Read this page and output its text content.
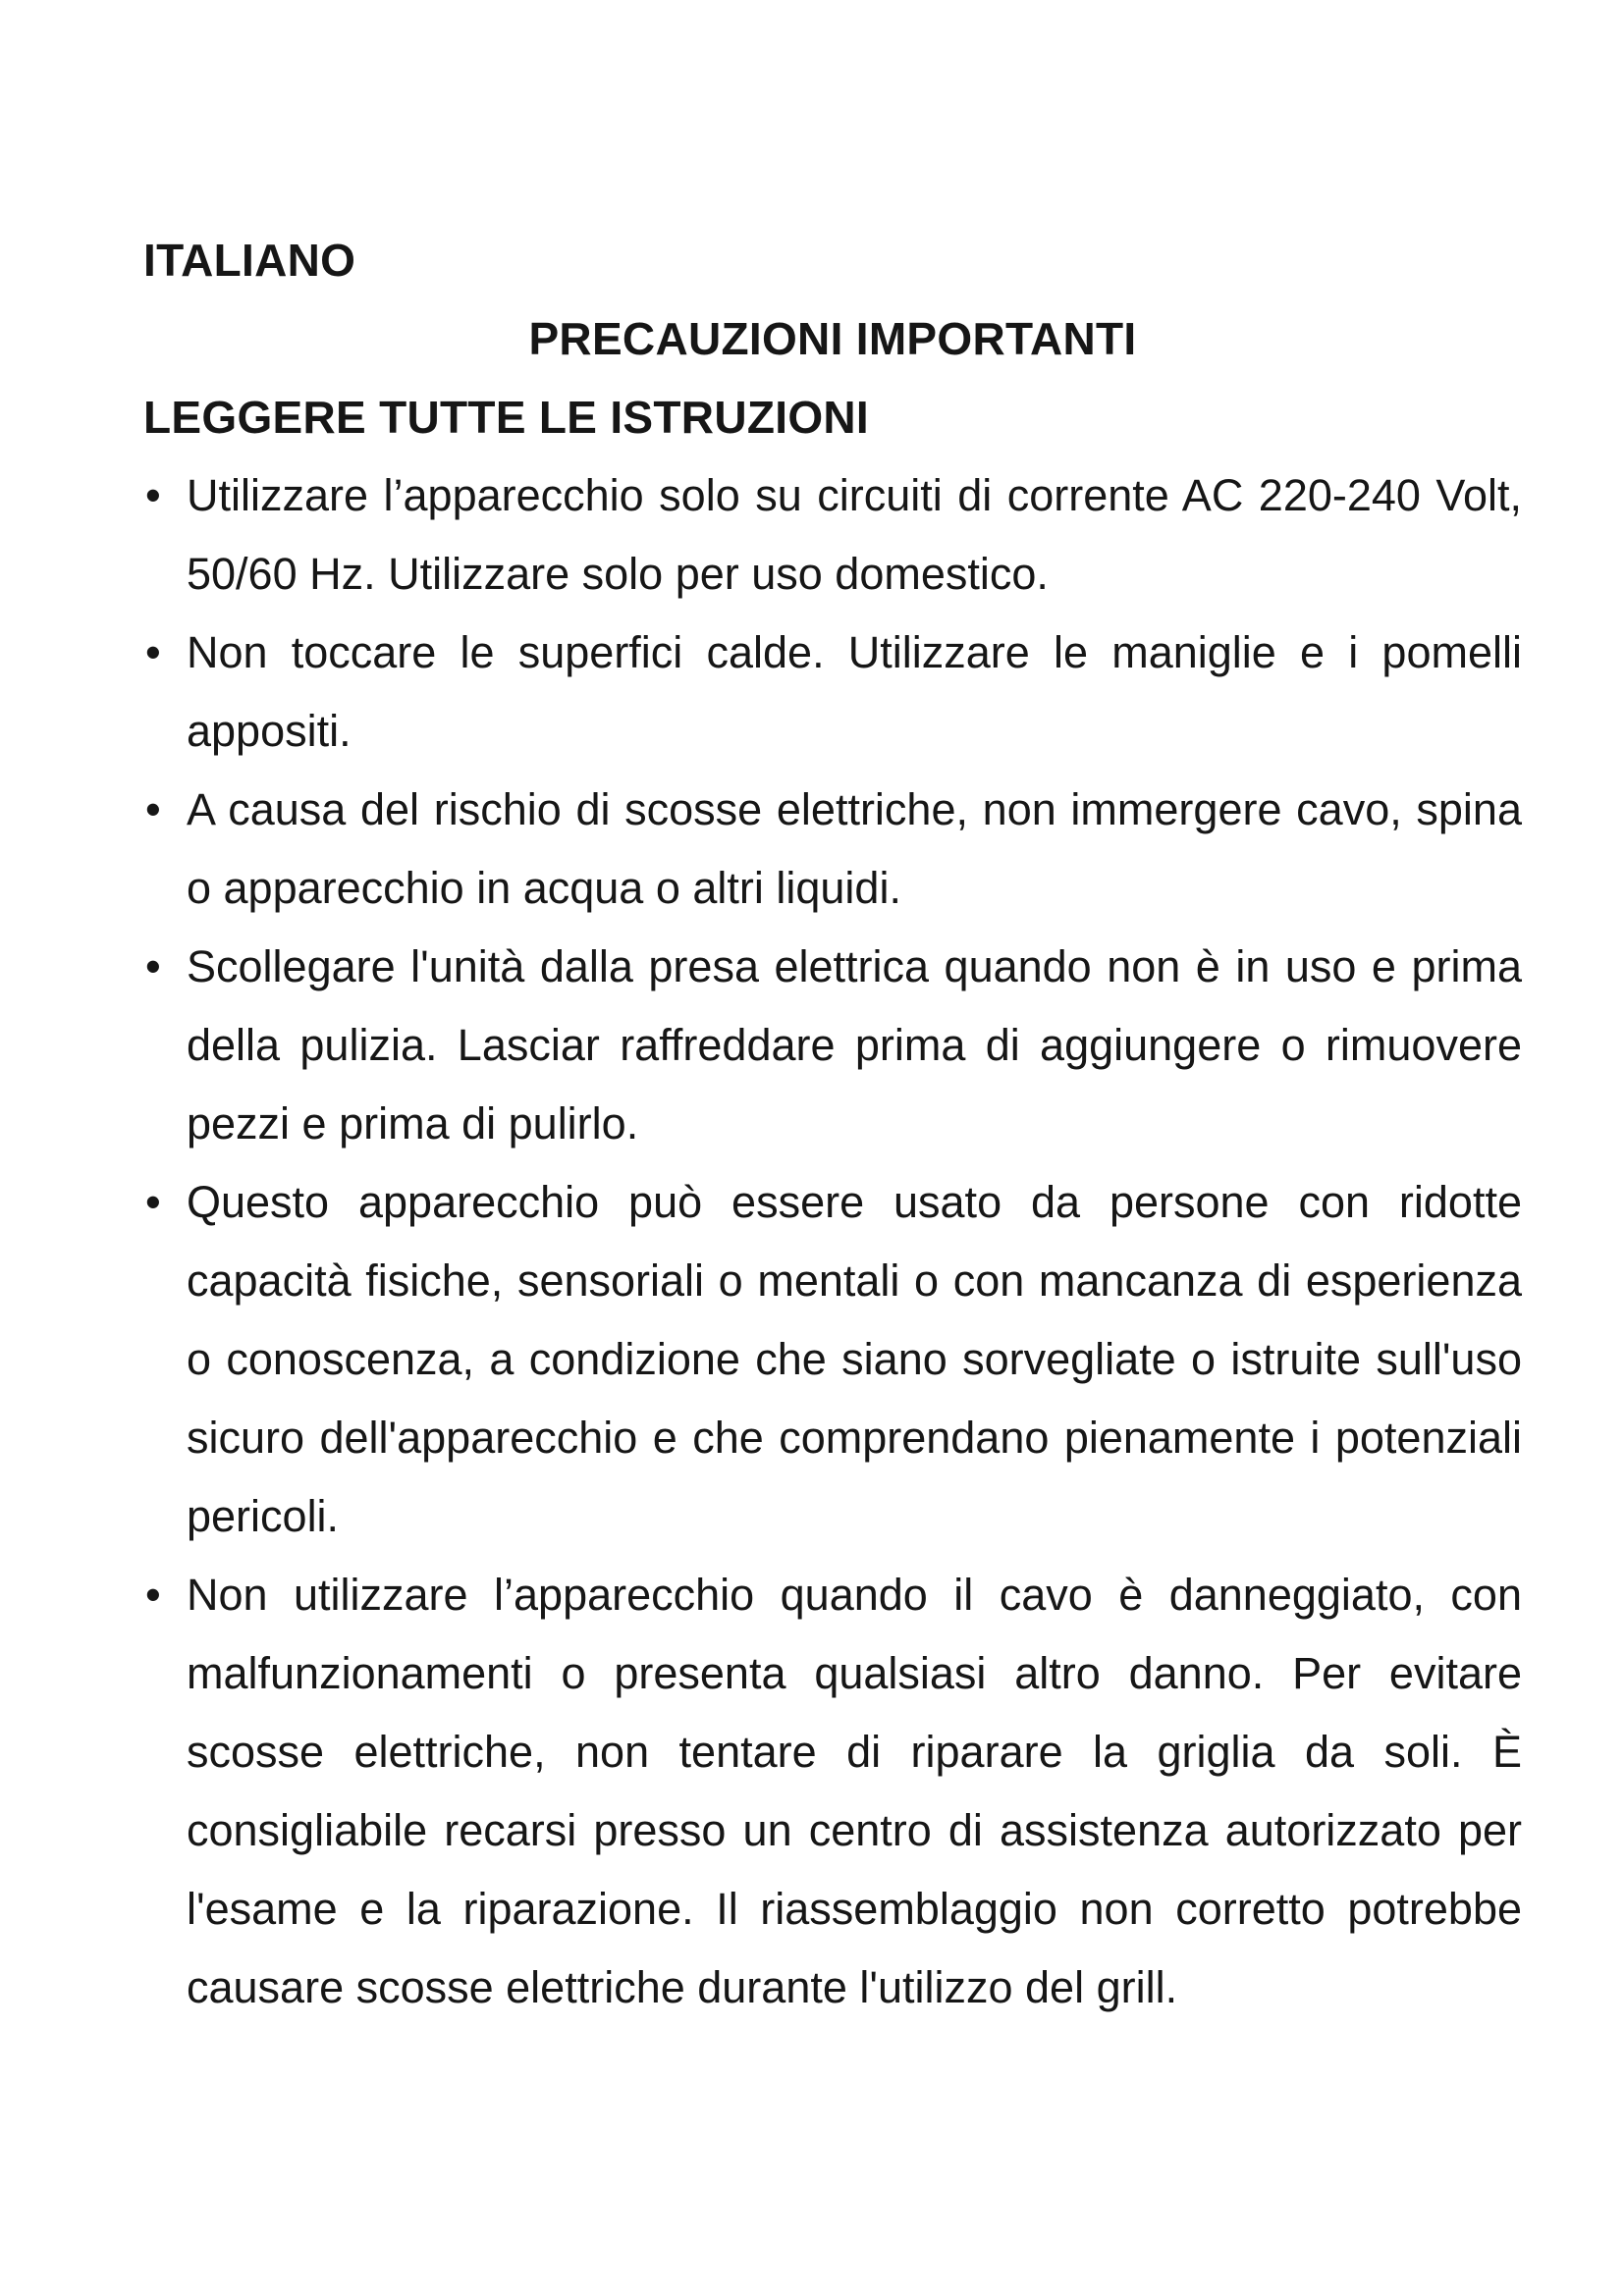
ITALIANO
PRECAUZIONI IMPORTANTI
LEGGERE TUTTE LE ISTRUZIONI
• Utilizzare l’apparecchio solo su circuiti di corrente AC 220-240 Volt, 50/60 Hz. Utilizzare solo per uso domestico.
• Non toccare le superfici calde. Utilizzare le maniglie e i pomelli appositi.
• A causa del rischio di scosse elettriche, non immergere cavo, spina o apparecchio in acqua o altri liquidi.
• Scollegare l'unità dalla presa elettrica quando non è in uso e prima della pulizia. Lasciar raffreddare prima di aggiungere o rimuovere pezzi e prima di pulirlo.
• Questo apparecchio può essere usato da persone con ridotte capacità fisiche, sensoriali o mentali o con mancanza di esperienza o conoscenza, a condizione che siano sorvegliate o istruite sull'uso sicuro dell'apparecchio e che comprendano pienamente i potenziali pericoli.
• Non utilizzare l’apparecchio quando il cavo è danneggiato, con malfunzionamenti o presenta qualsiasi altro danno. Per evitare scosse elettriche, non tentare di riparare la griglia da soli. È consigliabile recarsi presso un centro di assistenza autorizzato per l'esame e la riparazione. Il riassemblaggio non corretto potrebbe causare scosse elettriche durante l'utilizzo del grill.
